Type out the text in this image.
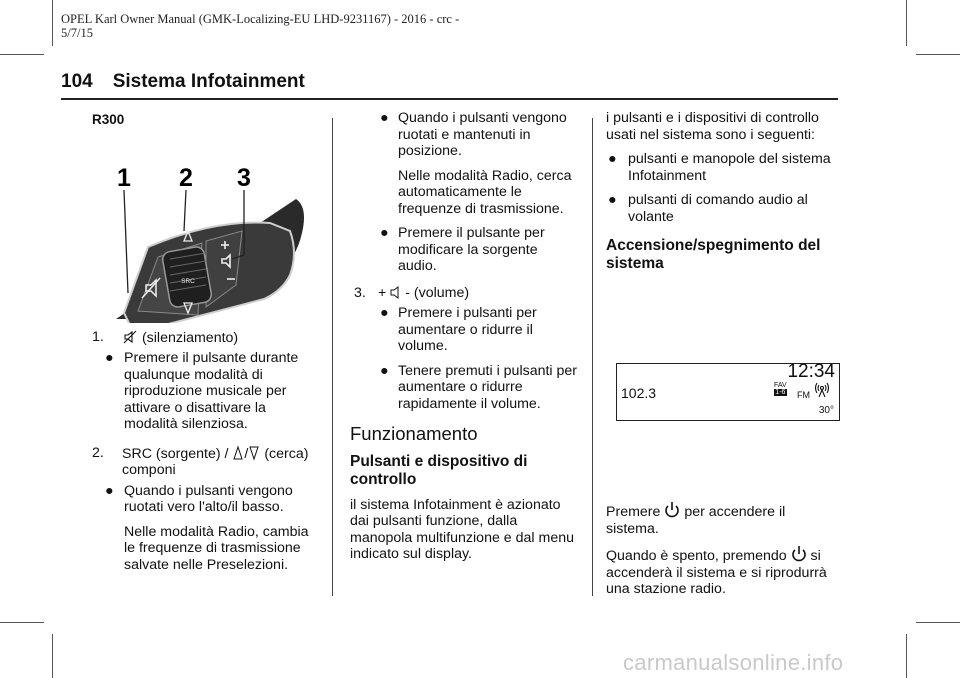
OPEL Karl Owner Manual (GMK-Localizing-EU LHD-9231167) - 2016 - crc -
5/7/15
104 Sistema Infotainment
R300
1 2 3
SRC
1.	(silenziamento)
● Premere il pulsante durante qualunque modalità di riproduzione musicale per attivare o disattivare la modalità silenziosa.
2. SRC (sorgente) / / (cerca) componi
● Quando i pulsanti vengono ruotati vero l'alto/il basso.

Nelle modalità Radio, cambia le frequenze di trasmissione salvate nelle Preselezioni.

● Quando i pulsanti vengono ruotati e mantenuti in posizione.

Nelle modalità Radio, cerca automaticamente le frequenze di trasmissione.

● Premere il pulsante per modificare la sorgente audio.
3. + - (volume)
● Premere i pulsanti per aumentare o ridurre il volume.
● Tenere premuti i pulsanti per aumentare o ridurre rapidamente il volume.
Funzionamento
Pulsanti e dispositivo di controllo

il sistema Infotainment è azionato dai pulsanti funzione, dalla manopola multifunzione e dal menu indicato sul display.

i pulsanti e i dispositivi di controllo usati nel sistema sono i seguenti:

● pulsanti e manopole del sistema Infotainment
● pulsanti di comando audio al volante
Accensione/spegnimento del sistema
102.3
12:34
FAV
1-6 FM
30°

Premere per accendere il sistema.

Quando è spento, premendo si accenderà il sistema e si riprodurrà una stazione radio.

carmanualsonline.info
